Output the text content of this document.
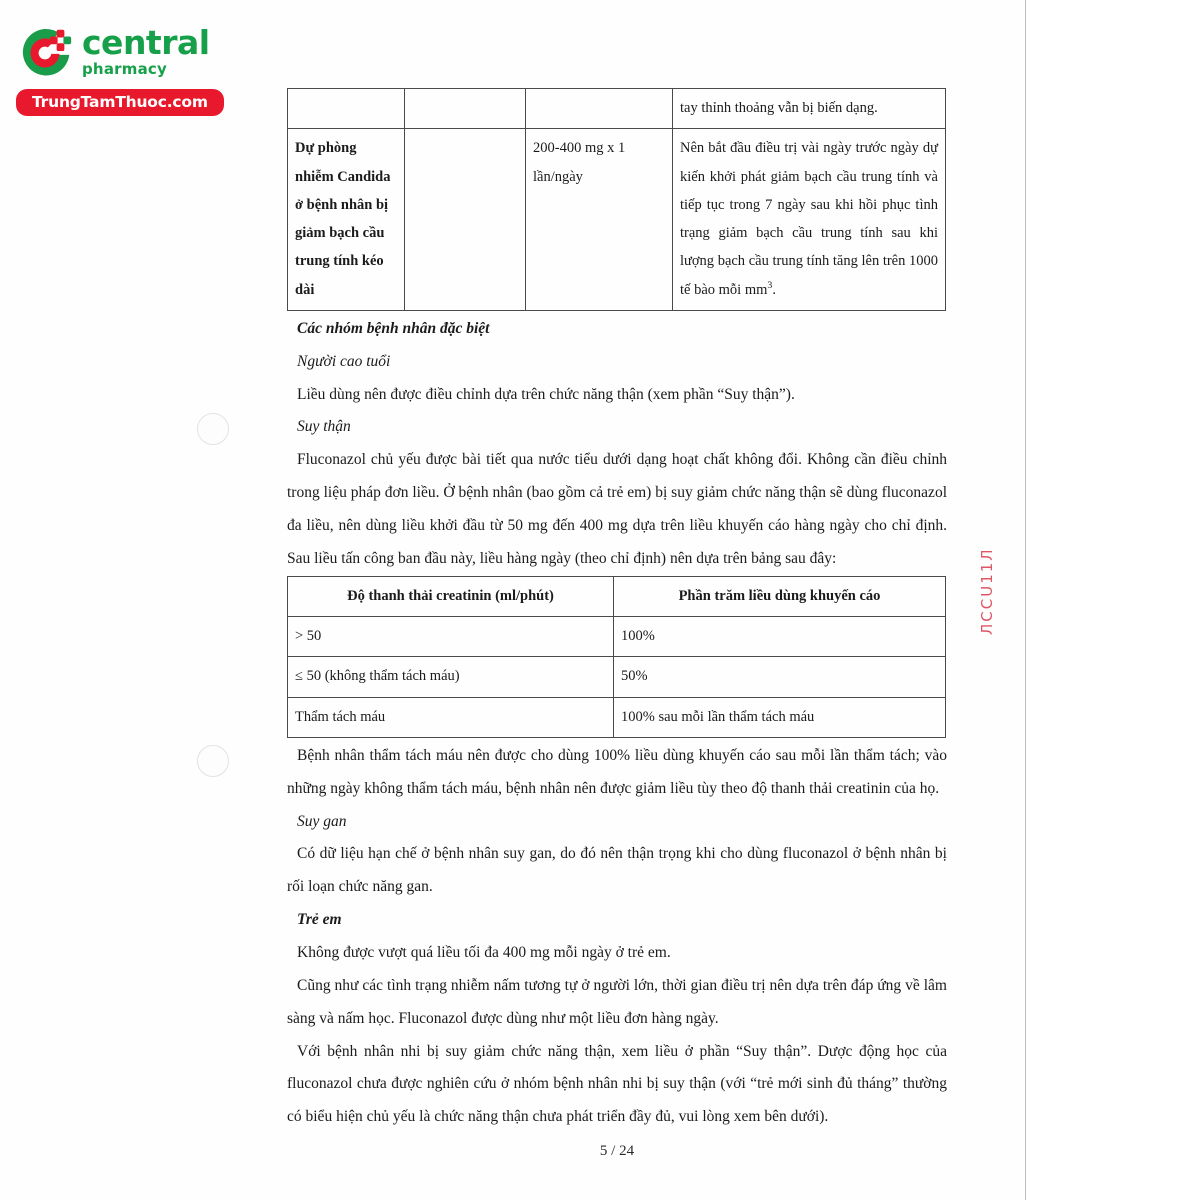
central
pharmacy
TrungTamThuoc.com
ЛССU11Л
			tay thỉnh thoảng vẫn bị biến dạng.
Dự phòng nhiễm Candida ở bệnh nhân bị giảm bạch cầu trung tính kéo dài		200-400 mg x 1 lần/ngày	Nên bắt đầu điều trị vài ngày trước ngày dự kiến khởi phát giảm bạch cầu trung tính và tiếp tục trong 7 ngày sau khi hồi phục tình trạng giảm bạch cầu trung tính sau khi lượng bạch cầu trung tính tăng lên trên 1000 tế bào mỗi $mm^3$.

Các nhóm bệnh nhân đặc biệt

Người cao tuổi

Liều dùng nên được điều chỉnh dựa trên chức năng thận (xem phần “Suy thận”).

Suy thận

Fluconazol chủ yếu được bài tiết qua nước tiểu dưới dạng hoạt chất không đổi. Không cần điều chỉnh trong liệu pháp đơn liều. Ở bệnh nhân (bao gồm cả trẻ em) bị suy giảm chức năng thận sẽ dùng fluconazol đa liều, nên dùng liều khởi đầu từ 50 mg đến 400 mg dựa trên liều khuyến cáo hàng ngày cho chỉ định. Sau liều tấn công ban đầu này, liều hàng ngày (theo chỉ định) nên dựa trên bảng sau đây:

Độ thanh thải creatinin (ml/phút)	Phần trăm liều dùng khuyến cáo
> 50	100%
≤ 50 (không thẩm tách máu)	50%
Thẩm tách máu	100% sau mỗi lần thẩm tách máu

Bệnh nhân thẩm tách máu nên được cho dùng 100% liều dùng khuyến cáo sau mỗi lần thẩm tách; vào những ngày không thẩm tách máu, bệnh nhân nên được giảm liều tùy theo độ thanh thải creatinin của họ.

Suy gan

Có dữ liệu hạn chế ở bệnh nhân suy gan, do đó nên thận trọng khi cho dùng fluconazol ở bệnh nhân bị rối loạn chức năng gan.

Trẻ em

Không được vượt quá liều tối đa 400 mg mỗi ngày ở trẻ em.

Cũng như các tình trạng nhiễm nấm tương tự ở người lớn, thời gian điều trị nên dựa trên đáp ứng về lâm sàng và nấm học. Fluconazol được dùng như một liều đơn hàng ngày.

Với bệnh nhân nhi bị suy giảm chức năng thận, xem liều ở phần “Suy thận”. Dược động học của fluconazol chưa được nghiên cứu ở nhóm bệnh nhân nhi bị suy thận (với “trẻ mới sinh đủ tháng” thường có biểu hiện chủ yếu là chức năng thận chưa phát triển đầy đủ, vui lòng xem bên dưới).

5 / 24
